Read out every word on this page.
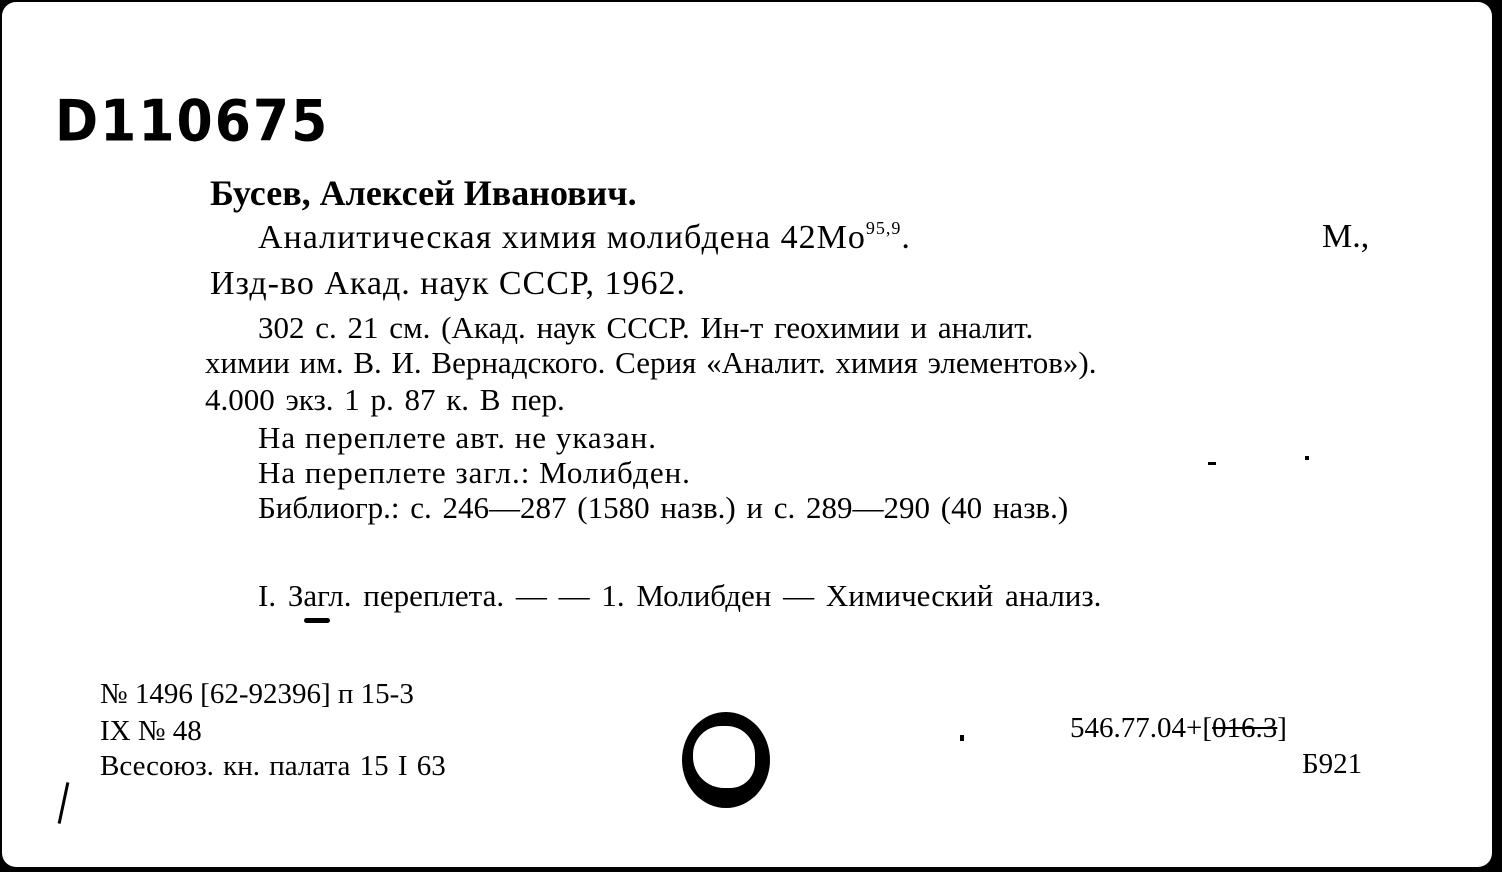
D110675
Бусев, Алексей Иванович.
Аналитическая химия молибдена 42Mo$^{95,9}$.	М.,
Изд-во Акад. наук СССР, 1962.
302 с. 21 см. (Акад. наук СССР. Ин-т геохимии и аналит.
химии им. В. И. Вернадского. Серия «Аналит. химия элементов»).
4.000 экз. 1 р. 87 к. В пер.
На переплете авт. не указан.
На переплете загл.: Молибден.
Библиогр.: с. 246—287 (1580 назв.) и с. 289—290 (40 назв.)
I. Загл. переплета. — — 1. Молибден — Химический анализ.
№ 1496 [62-92396] п 15-3
IX № 48
Всесоюз. кн. палата 15 I 63
546.77.04+[016.3]
Б921
